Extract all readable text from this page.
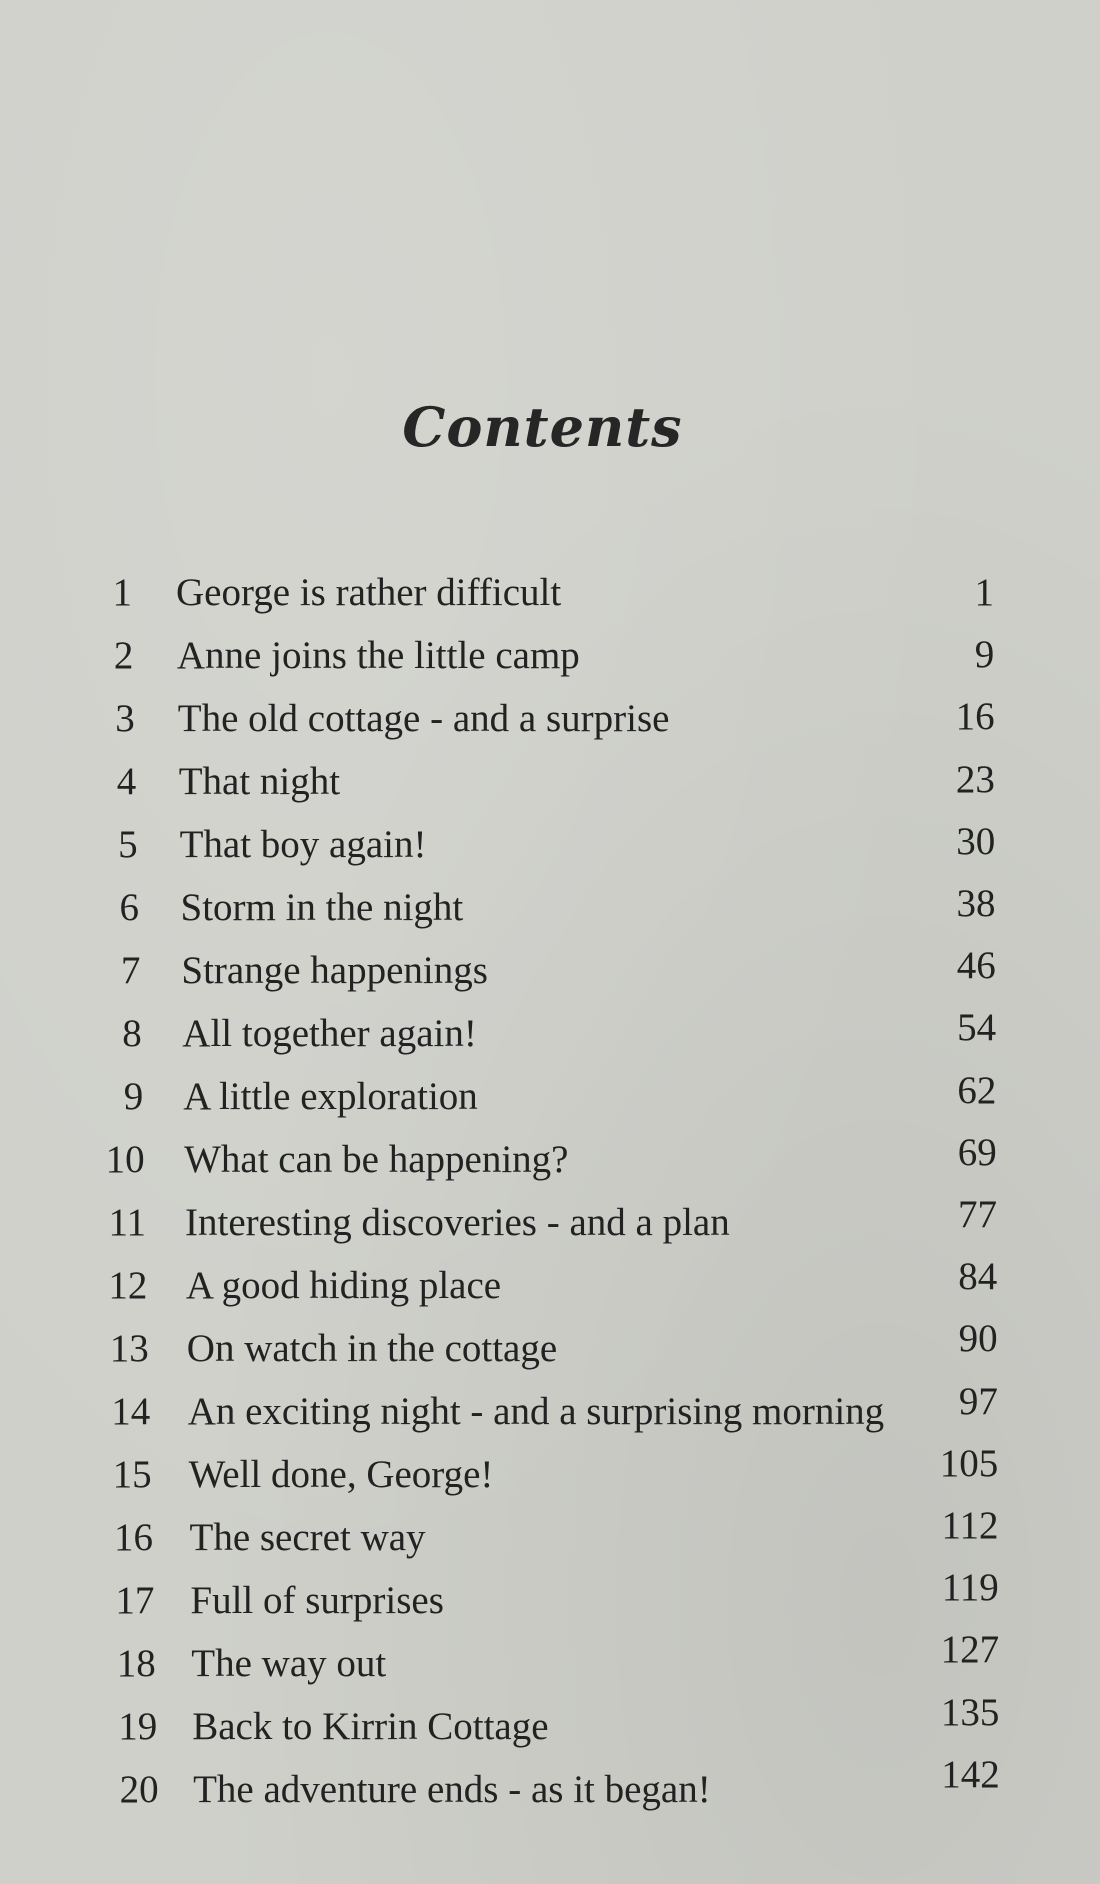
Contents
1 George is rather difficult	1
2 Anne joins the little camp	9
3 The old cottage - and a surprise	16
4 That night	23
5 That boy again!	30
6 Storm in the night	38
7 Strange happenings	46
8 All together again!	54
9 A little exploration	62
10 What can be happening?	69
11 Interesting discoveries - and a plan	77
12 A good hiding place	84
13 On watch in the cottage	90
14 An exciting night - and a surprising morning	97
15 Well done, George!	105
16 The secret way	112
17 Full of surprises	119
18 The way out	127
19 Back to Kirrin Cottage	135
20 The adventure ends - as it began!	142
